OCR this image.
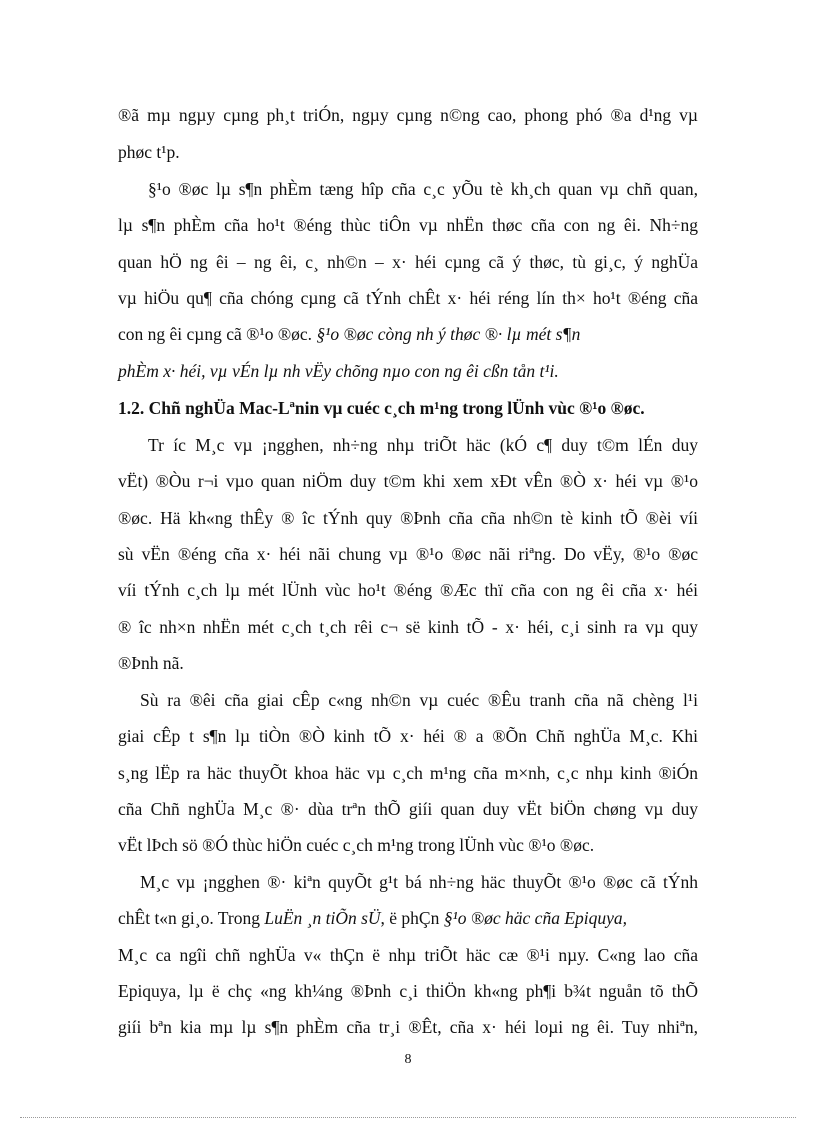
®ã mµ ngµy cµng ph¸t triÓn, ngµy cµng n©ng cao, phong phó ®a d¹ng vµ
phøc t¹p.
§¹o ®øc lµ s¶n phÈm tæng hîp cña c¸c yÕu tè kh¸ch quan vµ chñ quan,
lµ s¶n phÈm cña ho¹t ®éng thùc tiÔn vµ nhËn thøc cña con ng êi. Nh÷ng
quan hÖ ng êi – ng êi, c¸ nh©n – x· héi cµng cã ý thøc, tù gi¸c, ý nghÜa
vµ hiÖu qu¶ cña chóng cµng cã tÝnh chÊt x· héi réng lín th× ho¹t ®éng cña
con ng êi cµng cã ®¹o ®øc. §¹o ®øc còng nh ý thøc ®· lµ mét s¶n
phÈm x· héi, vµ vÉn lµ nh vËy chõng nµo con ng êi cßn tån t¹i.
1.2. Chñ nghÜa Mac-Lªnin vµ cuéc c¸ch m¹ng trong lÜnh vùc ®¹o ®øc.
Tr íc M¸c vµ ¡ngghen, nh÷ng nhµ triÕt häc (kÓ c¶ duy t©m lÉn duy
vËt) ®Òu r¬i vµo quan niÖm duy t©m khi xem xÐt vÊn ®Ò x· héi vµ ®¹o
®øc. Hä kh«ng thÊy ® îc tÝnh quy ®Þnh cña cña nh©n tè kinh tÕ ®èi víi
sù vËn ®éng cña x· héi nãi chung vµ ®¹o ®øc nãi riªng. Do vËy, ®¹o ®øc
víi tÝnh c¸ch lµ mét lÜnh vùc ho¹t ®éng ®Æc thï cña con ng êi cña x· héi
® îc nh×n nhËn mét c¸ch t¸ch rêi c¬ së kinh tÕ - x· héi, c¸i sinh ra vµ quy
®Þnh nã.
Sù ra ®êi cña giai cÊp c«ng nh©n vµ cuéc ®Êu tranh cña nã chèng l¹i
giai cÊp t s¶n lµ tiÒn ®Ò kinh tÕ x· héi ® a ®Õn Chñ nghÜa M¸c. Khi
s¸ng lËp ra häc thuyÕt khoa häc vµ c¸ch m¹ng cña m×nh, c¸c nhµ kinh ®iÓn
cña Chñ nghÜa M¸c ®· dùa trªn thÕ giíi quan duy vËt biÖn chøng vµ duy
vËt lÞch sö ®Ó thùc hiÖn cuéc c¸ch m¹ng trong lÜnh vùc ®¹o ®øc.
M¸c vµ ¡ngghen ®· kiªn quyÕt g¹t bá nh÷ng häc thuyÕt ®¹o ®øc cã tÝnh
chÊt t«n gi¸o. Trong LuËn ¸n tiÕn sÜ, ë phÇn §¹o ®øc häc cña Epiquya,
M¸c ca ngîi chñ nghÜa v« thÇn ë nhµ triÕt häc cæ ®¹i nµy. C«ng lao cña
Epiquya, lµ ë chç «ng kh¼ng ®Þnh c¸i thiÖn kh«ng ph¶i b¾t nguån tõ thÕ
giíi bªn kia mµ lµ s¶n phÈm cña tr¸i ®Êt, cña x· héi loµi ng êi. Tuy nhiªn,
8
